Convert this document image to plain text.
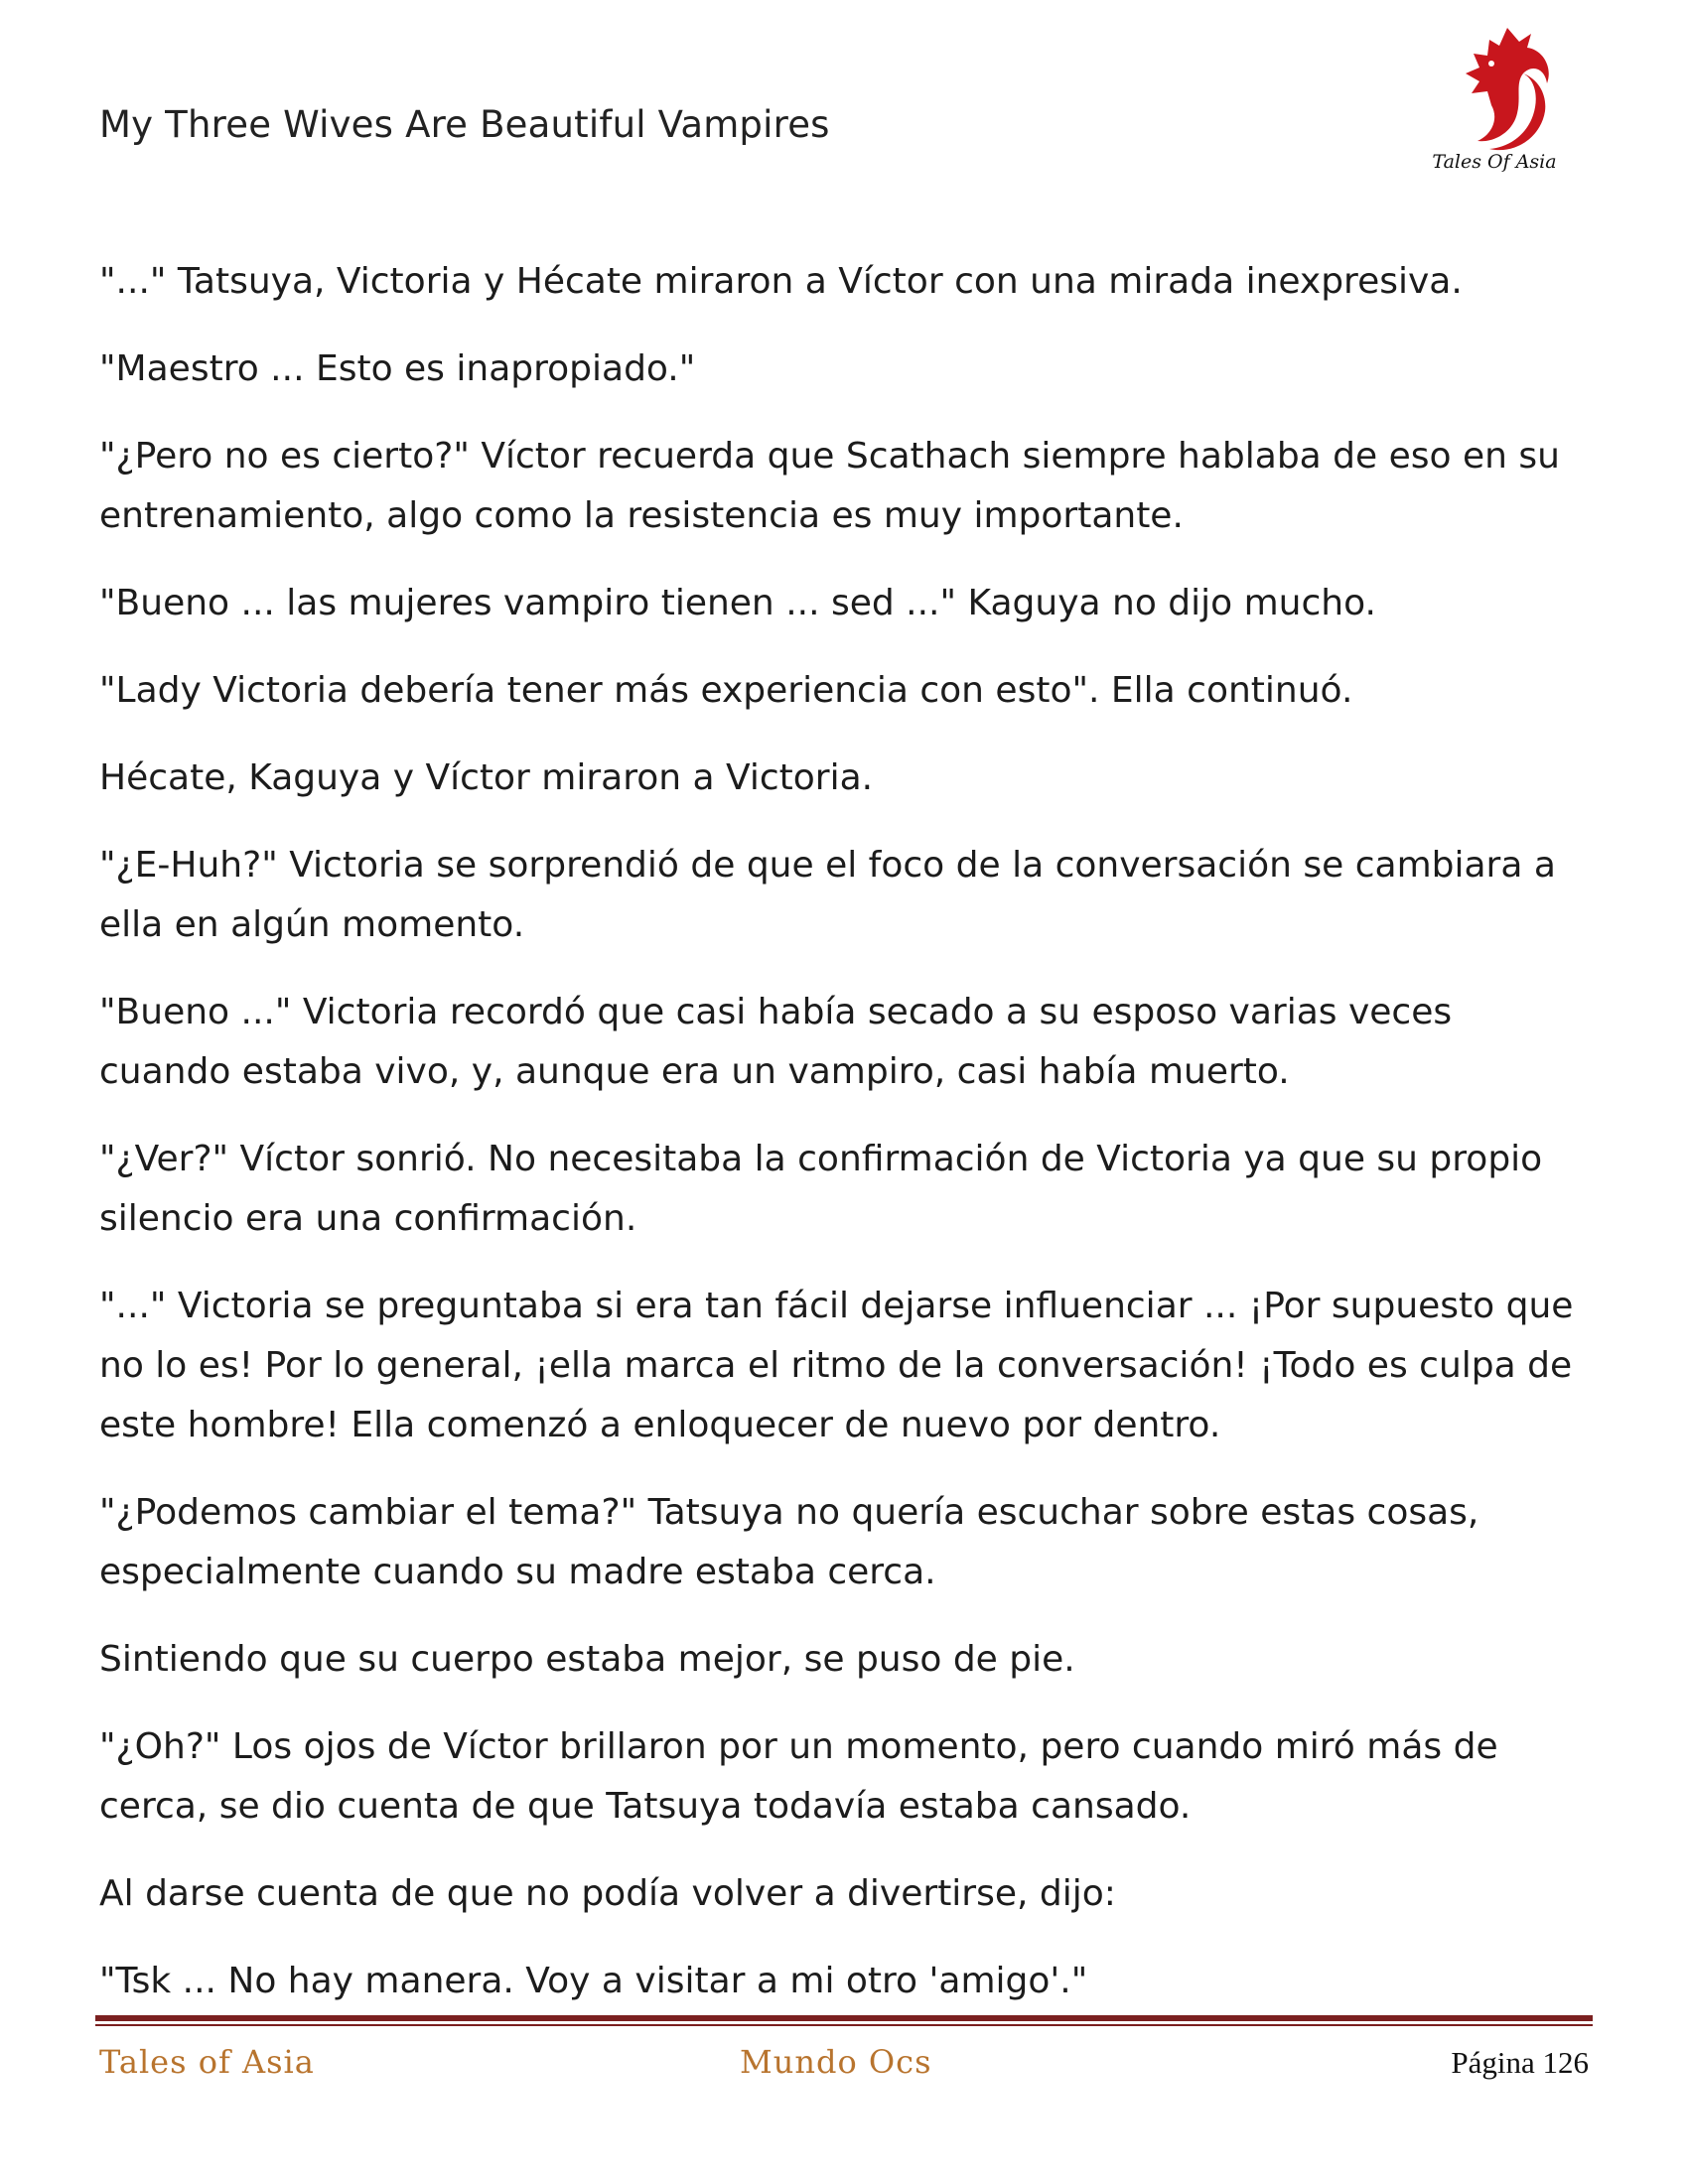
My Three Wives Are Beautiful Vampires
Tales Of Asia

"..." Tatsuya, Victoria y Hécate miraron a Víctor con una mirada inexpresiva.

"Maestro ... Esto es inapropiado."

"¿Pero no es cierto?" Víctor recuerda que Scathach siempre hablaba de eso en su entrenamiento, algo como la resistencia es muy importante.

"Bueno ... las mujeres vampiro tienen ... sed ..." Kaguya no dijo mucho.

"Lady Victoria debería tener más experiencia con esto". Ella continuó.

Hécate, Kaguya y Víctor miraron a Victoria.

"¿E-Huh?" Victoria se sorprendió de que el foco de la conversación se cambiara a ella en algún momento.

"Bueno ..." Victoria recordó que casi había secado a su esposo varias veces cuando estaba vivo, y, aunque era un vampiro, casi había muerto.

"¿Ver?" Víctor sonrió. No necesitaba la confirmación de Victoria ya que su propio silencio era una confirmación.

"..." Victoria se preguntaba si era tan fácil dejarse influenciar ... ¡Por supuesto que no lo es! Por lo general, ¡ella marca el ritmo de la conversación! ¡Todo es culpa de este hombre! Ella comenzó a enloquecer de nuevo por dentro.

"¿Podemos cambiar el tema?" Tatsuya no quería escuchar sobre estas cosas, especialmente cuando su madre estaba cerca.

Sintiendo que su cuerpo estaba mejor, se puso de pie.

"¿Oh?" Los ojos de Víctor brillaron por un momento, pero cuando miró más de cerca, se dio cuenta de que Tatsuya todavía estaba cansado.

Al darse cuenta de que no podía volver a divertirse, dijo:

"Tsk ... No hay manera. Voy a visitar a mi otro 'amigo'."

Tales of Asia	Mundo Ocs	Página 126
